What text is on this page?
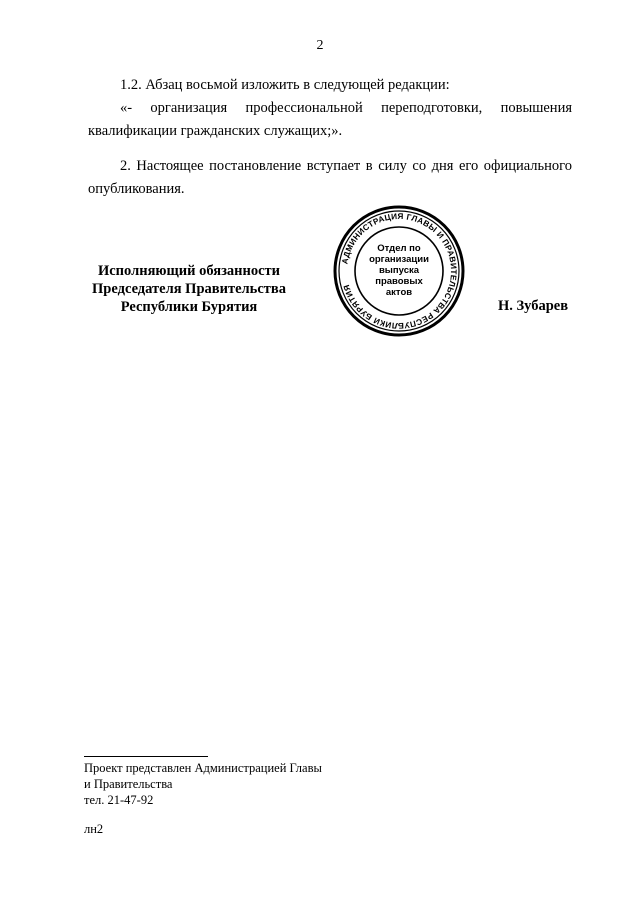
2

1.2. Абзац восьмой изложить в следующей редакции:

«- организация профессиональной переподготовки, повышения квалификации гражданских служащих;».

2. Настоящее постановление вступает в силу со дня его официального опубликования.

Исполняющий обязанности
Председателя Правительства
Республики Бурятия
АДМИНИСТРАЦИЯ ГЛАВЫ И ПРАВИТЕЛЬСТВА РЕСПУБЛИКИ БУРЯТИЯ
Отдел по
организации
выпуска
правовых
актов
Н. Зубарев
Проект представлен Администрацией Главы
и Правительства
тел. 21-47-92
лн2
